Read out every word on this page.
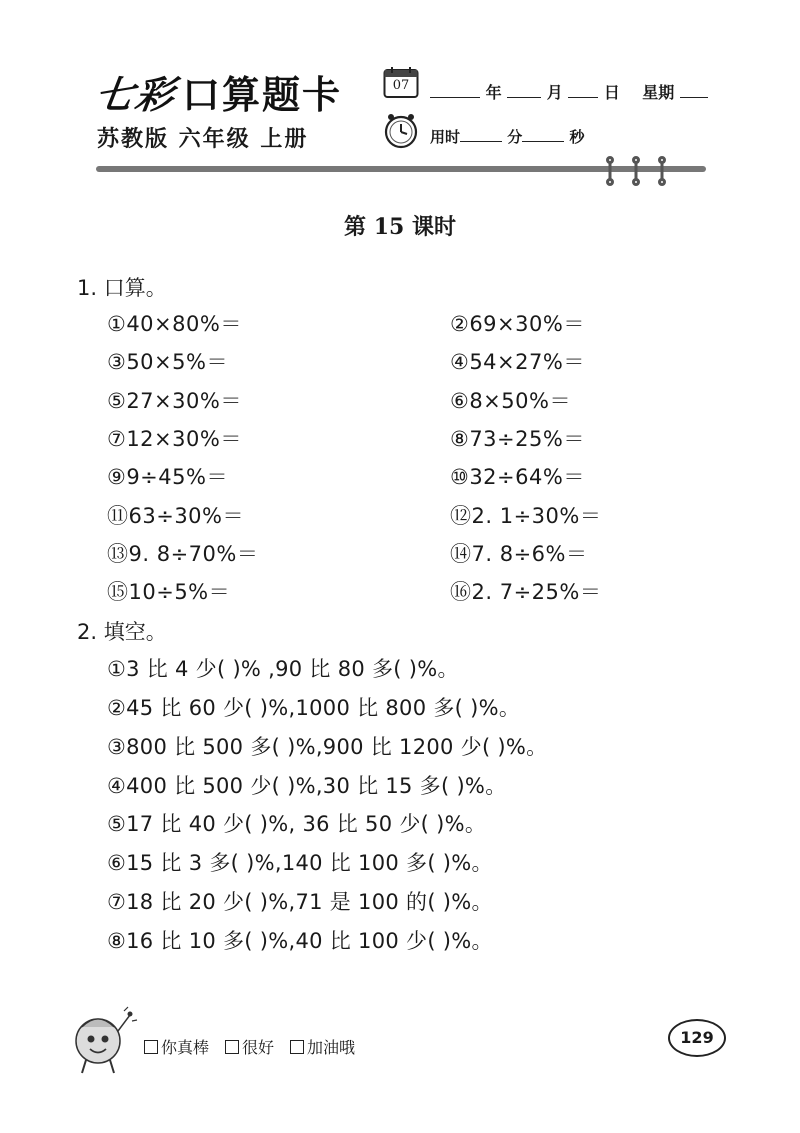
七彩口算题卡
苏教版 六年级 上册
07	年	月	日 星期
用时	分	秒
第 15 课时
1. 口算。
①40×80%＝	②69×30%＝
③50×5%＝	④54×27%＝
⑤27×30%＝	⑥8×50%＝
⑦12×30%＝	⑧73÷25%＝
⑨9÷45%＝	⑩32÷64%＝
⑪63÷30%＝	⑫2. 1÷30%＝
⑬9. 8÷70%＝	⑭7. 8÷6%＝
⑮10÷5%＝	⑯2. 7÷25%＝
2. 填空。
①3 比 4 少( )% ,90 比 80 多( )%。
②45 比 60 少( )%,1000 比 800 多( )%。
③800 比 500 多( )%,900 比 1200 少( )%。
④400 比 500 少( )%,30 比 15 多( )%。
⑤17 比 40 少( )%, 36 比 50 少( )%。
⑥15 比 3 多( )%,140 比 100 多( )%。
⑦18 比 20 少( )%,71 是 100 的( )%。
⑧16 比 10 多( )%,40 比 100 少( )%。
你真棒 很好 加油哦
129
